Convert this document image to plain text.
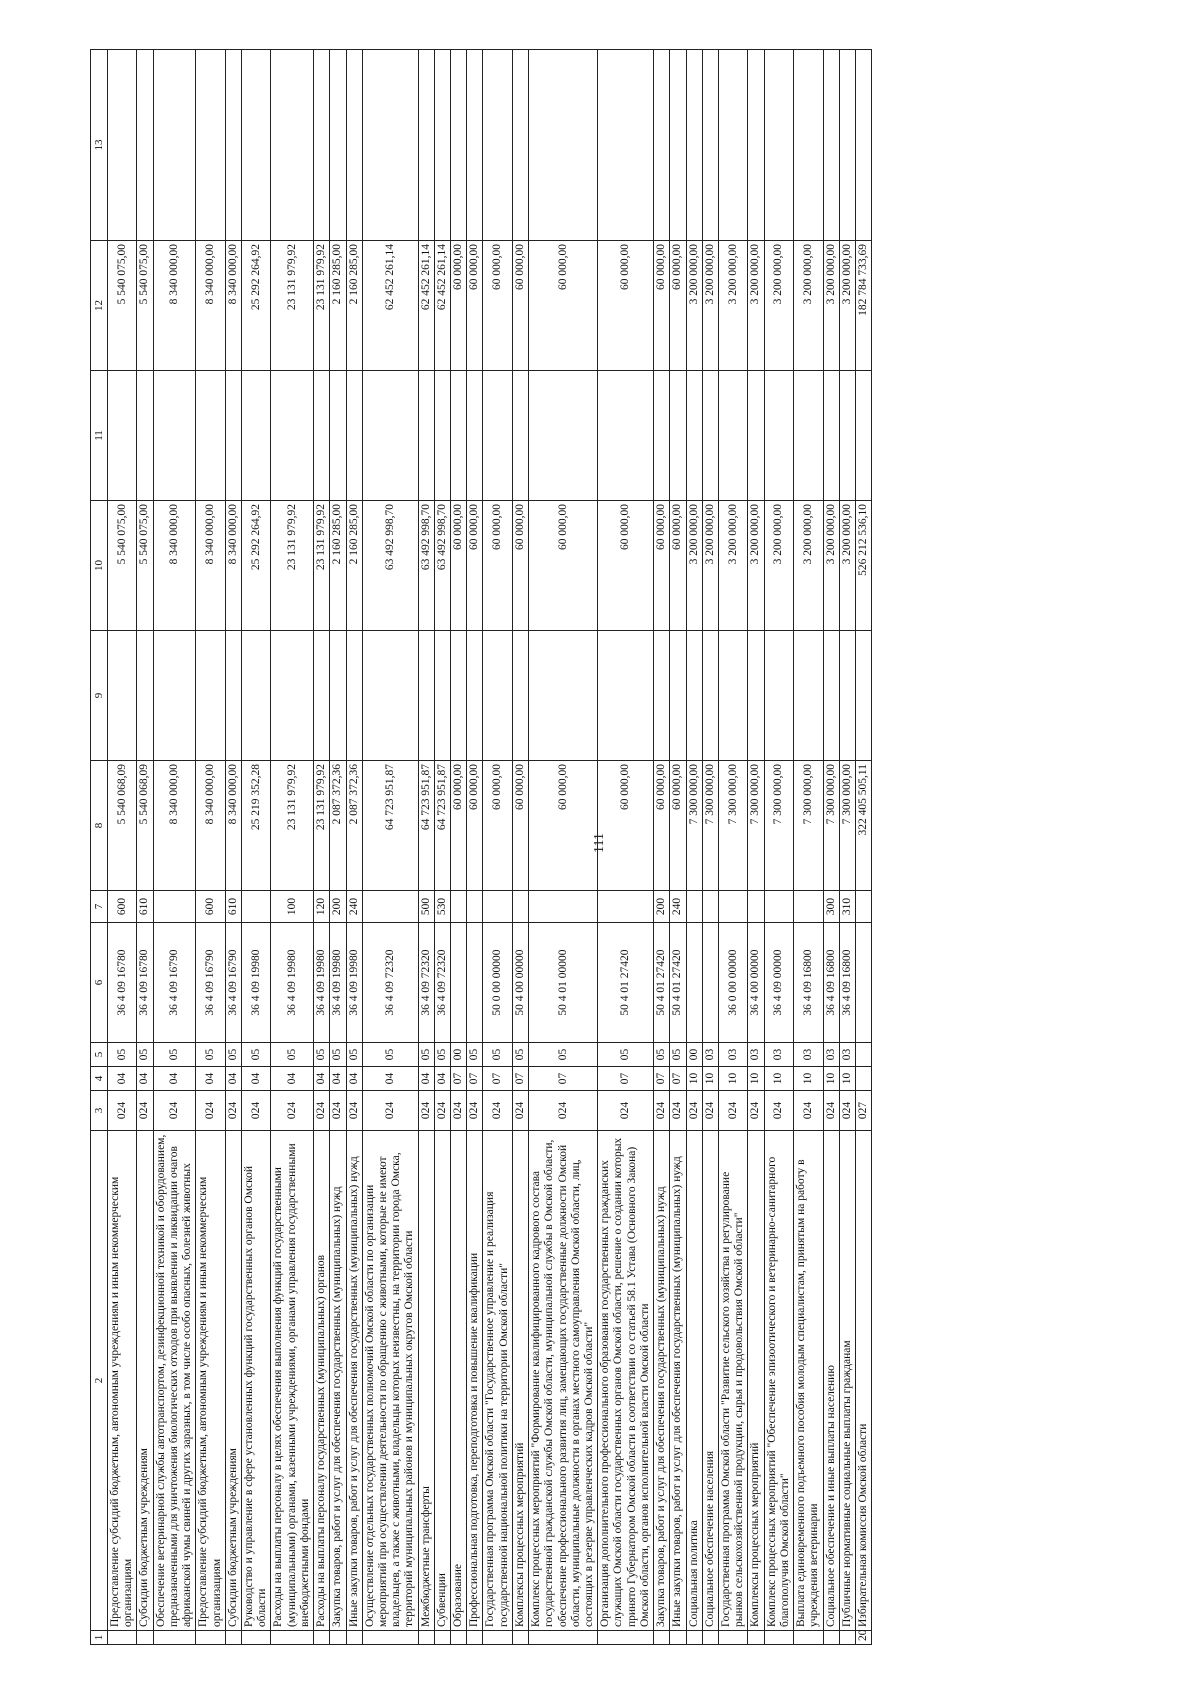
111
1	2	3	4	5	6	7	8	9	10	11	12	13
	Предоставление субсидий бюджетным, автономным учреждениям и иным некоммерческим организациям	024	04	05	36 4 09 16780	600	5 540 068,09		5 540 075,00		5 540 075,00	
	Субсидии бюджетным учреждениям	024	04	05	36 4 09 16780	610	5 540 068,09		5 540 075,00		5 540 075,00	
	Обеспечение ветеринарной службы автотранспортом, дезинфекционной техникой и оборудованием, предназначенными для уничтожения биологических отходов при выявлении и ликвидации очагов африканской чумы свиней и других заразных, в том числе особо опасных, болезней животных	024	04	05	36 4 09 16790		8 340 000,00		8 340 000,00		8 340 000,00	
	Предоставление субсидий бюджетным, автономным учреждениям и иным некоммерческим организациям	024	04	05	36 4 09 16790	600	8 340 000,00		8 340 000,00		8 340 000,00	
	Субсидии бюджетным учреждениям	024	04	05	36 4 09 16790	610	8 340 000,00		8 340 000,00		8 340 000,00	
	Руководство и управление в сфере установленных функций государственных органов Омской области	024	04	05	36 4 09 19980		25 219 352,28		25 292 264,92		25 292 264,92	
	Расходы на выплаты персоналу в целях обеспечения выполнения функций государственными (муниципальными) органами, казенными учреждениями, органами управления государственными внебюджетными фондами	024	04	05	36 4 09 19980	100	23 131 979,92		23 131 979,92		23 131 979,92	
	Расходы на выплаты персоналу государственных (муниципальных) органов	024	04	05	36 4 09 19980	120	23 131 979,92		23 131 979,92		23 131 979,92	
	Закупка товаров, работ и услуг для обеспечения государственных (муниципальных) нужд	024	04	05	36 4 09 19980	200	2 087 372,36		2 160 285,00		2 160 285,00	
	Иные закупки товаров, работ и услуг для обеспечения государственных (муниципальных) нужд	024	04	05	36 4 09 19980	240	2 087 372,36		2 160 285,00		2 160 285,00	
	Осуществление отдельных государственных полномочий Омской области по организации мероприятий при осуществлении деятельности по обращению с животными, которые не имеют владельцев, а также с животными, владельцы которых неизвестны, на территории города Омска, территорий муниципальных районов и муниципальных округов Омской области	024	04	05	36 4 09 72320		64 723 951,87		63 492 998,70		62 452 261,14	
	Межбюджетные трансферты	024	04	05	36 4 09 72320	500	64 723 951,87		63 492 998,70		62 452 261,14	
	Субвенции	024	04	05	36 4 09 72320	530	64 723 951,87		63 492 998,70		62 452 261,14	
	Образование	024	07	00			60 000,00		60 000,00		60 000,00	
	Профессиональная подготовка, переподготовка и повышение квалификации	024	07	05			60 000,00		60 000,00		60 000,00	
	Государственная программа Омской области "Государственное управление и реализация государственной национальной политики на территории Омской области"	024	07	05	50 0 00 00000		60 000,00		60 000,00		60 000,00	
	Комплексы процессных мероприятий	024	07	05	50 4 00 00000		60 000,00		60 000,00		60 000,00	
	Комплекс процессных мероприятий "Формирование квалифицированного кадрового состава государственной гражданской службы Омской области, муниципальной службы в Омской области, обеспечение профессионального развития лиц, замещающих государственные должности Омской области, муниципальные должности в органах местного самоуправления Омской области, лиц, состоящих в резерве управленческих кадров Омской области"	024	07	05	50 4 01 00000		60 000,00		60 000,00		60 000,00	
	Организация дополнительного профессионального образования государственных гражданских служащих Омской области государственных органов Омской области, решение о создании которых принято Губернатором Омской области в соответствии со статьей 58.1 Устава (Основного Закона) Омской области, органов исполнительной власти Омской области	024	07	05	50 4 01 27420		60 000,00		60 000,00		60 000,00	
	Закупка товаров, работ и услуг для обеспечения государственных (муниципальных) нужд	024	07	05	50 4 01 27420	200	60 000,00		60 000,00		60 000,00	
	Иные закупки товаров, работ и услуг для обеспечения государственных (муниципальных) нужд	024	07	05	50 4 01 27420	240	60 000,00		60 000,00		60 000,00	
	Социальная политика	024	10	00			7 300 000,00		3 200 000,00		3 200 000,00	
	Социальное обеспечение населения	024	10	03			7 300 000,00		3 200 000,00		3 200 000,00	
	Государственная программа Омской области "Развитие сельского хозяйства и регулирование рынков сельскохозяйственной продукции, сырья и продовольствия Омской области"	024	10	03	36 0 00 00000		7 300 000,00		3 200 000,00		3 200 000,00	
	Комплексы процессных мероприятий	024	10	03	36 4 00 00000		7 300 000,00		3 200 000,00		3 200 000,00	
	Комплекс процессных мероприятий "Обеспечение эпизоотического и ветеринарно-санитарного благополучия Омской области"	024	10	03	36 4 09 00000		7 300 000,00		3 200 000,00		3 200 000,00	
	Выплата единовременного подъемного пособия молодым специалистам, принятым на работу в учреждения ветеринарии	024	10	03	36 4 09 16800		7 300 000,00		3 200 000,00		3 200 000,00	
	Социальное обеспечение и иные выплаты населению	024	10	03	36 4 09 16800	300	7 300 000,00		3 200 000,00		3 200 000,00	
	Публичные нормативные социальные выплаты гражданам	024	10	03	36 4 09 16800	310	7 300 000,00		3 200 000,00		3 200 000,00	
20	Избирательная комиссия Омской области	027					322 405 505,11		526 212 536,10		182 784 733,69	
